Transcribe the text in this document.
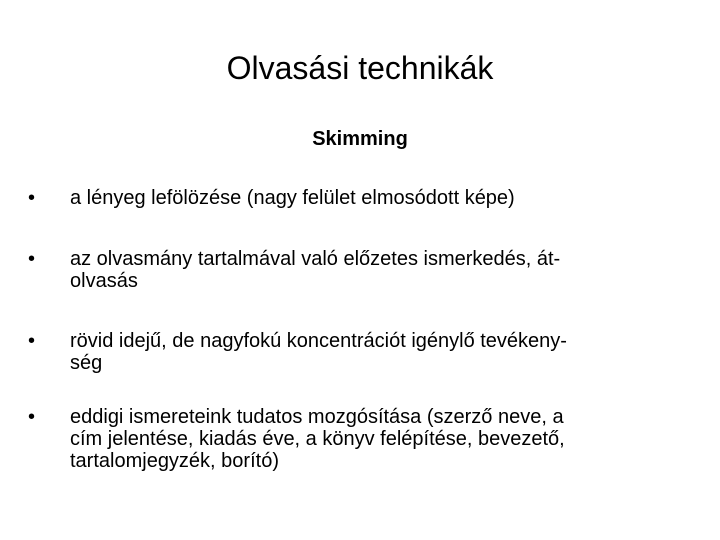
Olvasási technikák
Skimming
•	a lényeg lefölözése (nagy felület elmosódott képe)
•	az olvasmány tartalmával való előzetes ismerkedés, át-
olvasás
•	rövid idejű, de nagyfokú koncentrációt igénylő tevékeny-
ség
•	eddigi ismereteink tudatos mozgósítása (szerző neve, a
cím jelentése, kiadás éve, a könyv felépítése, bevezető,
tartalomjegyzék, borító)
